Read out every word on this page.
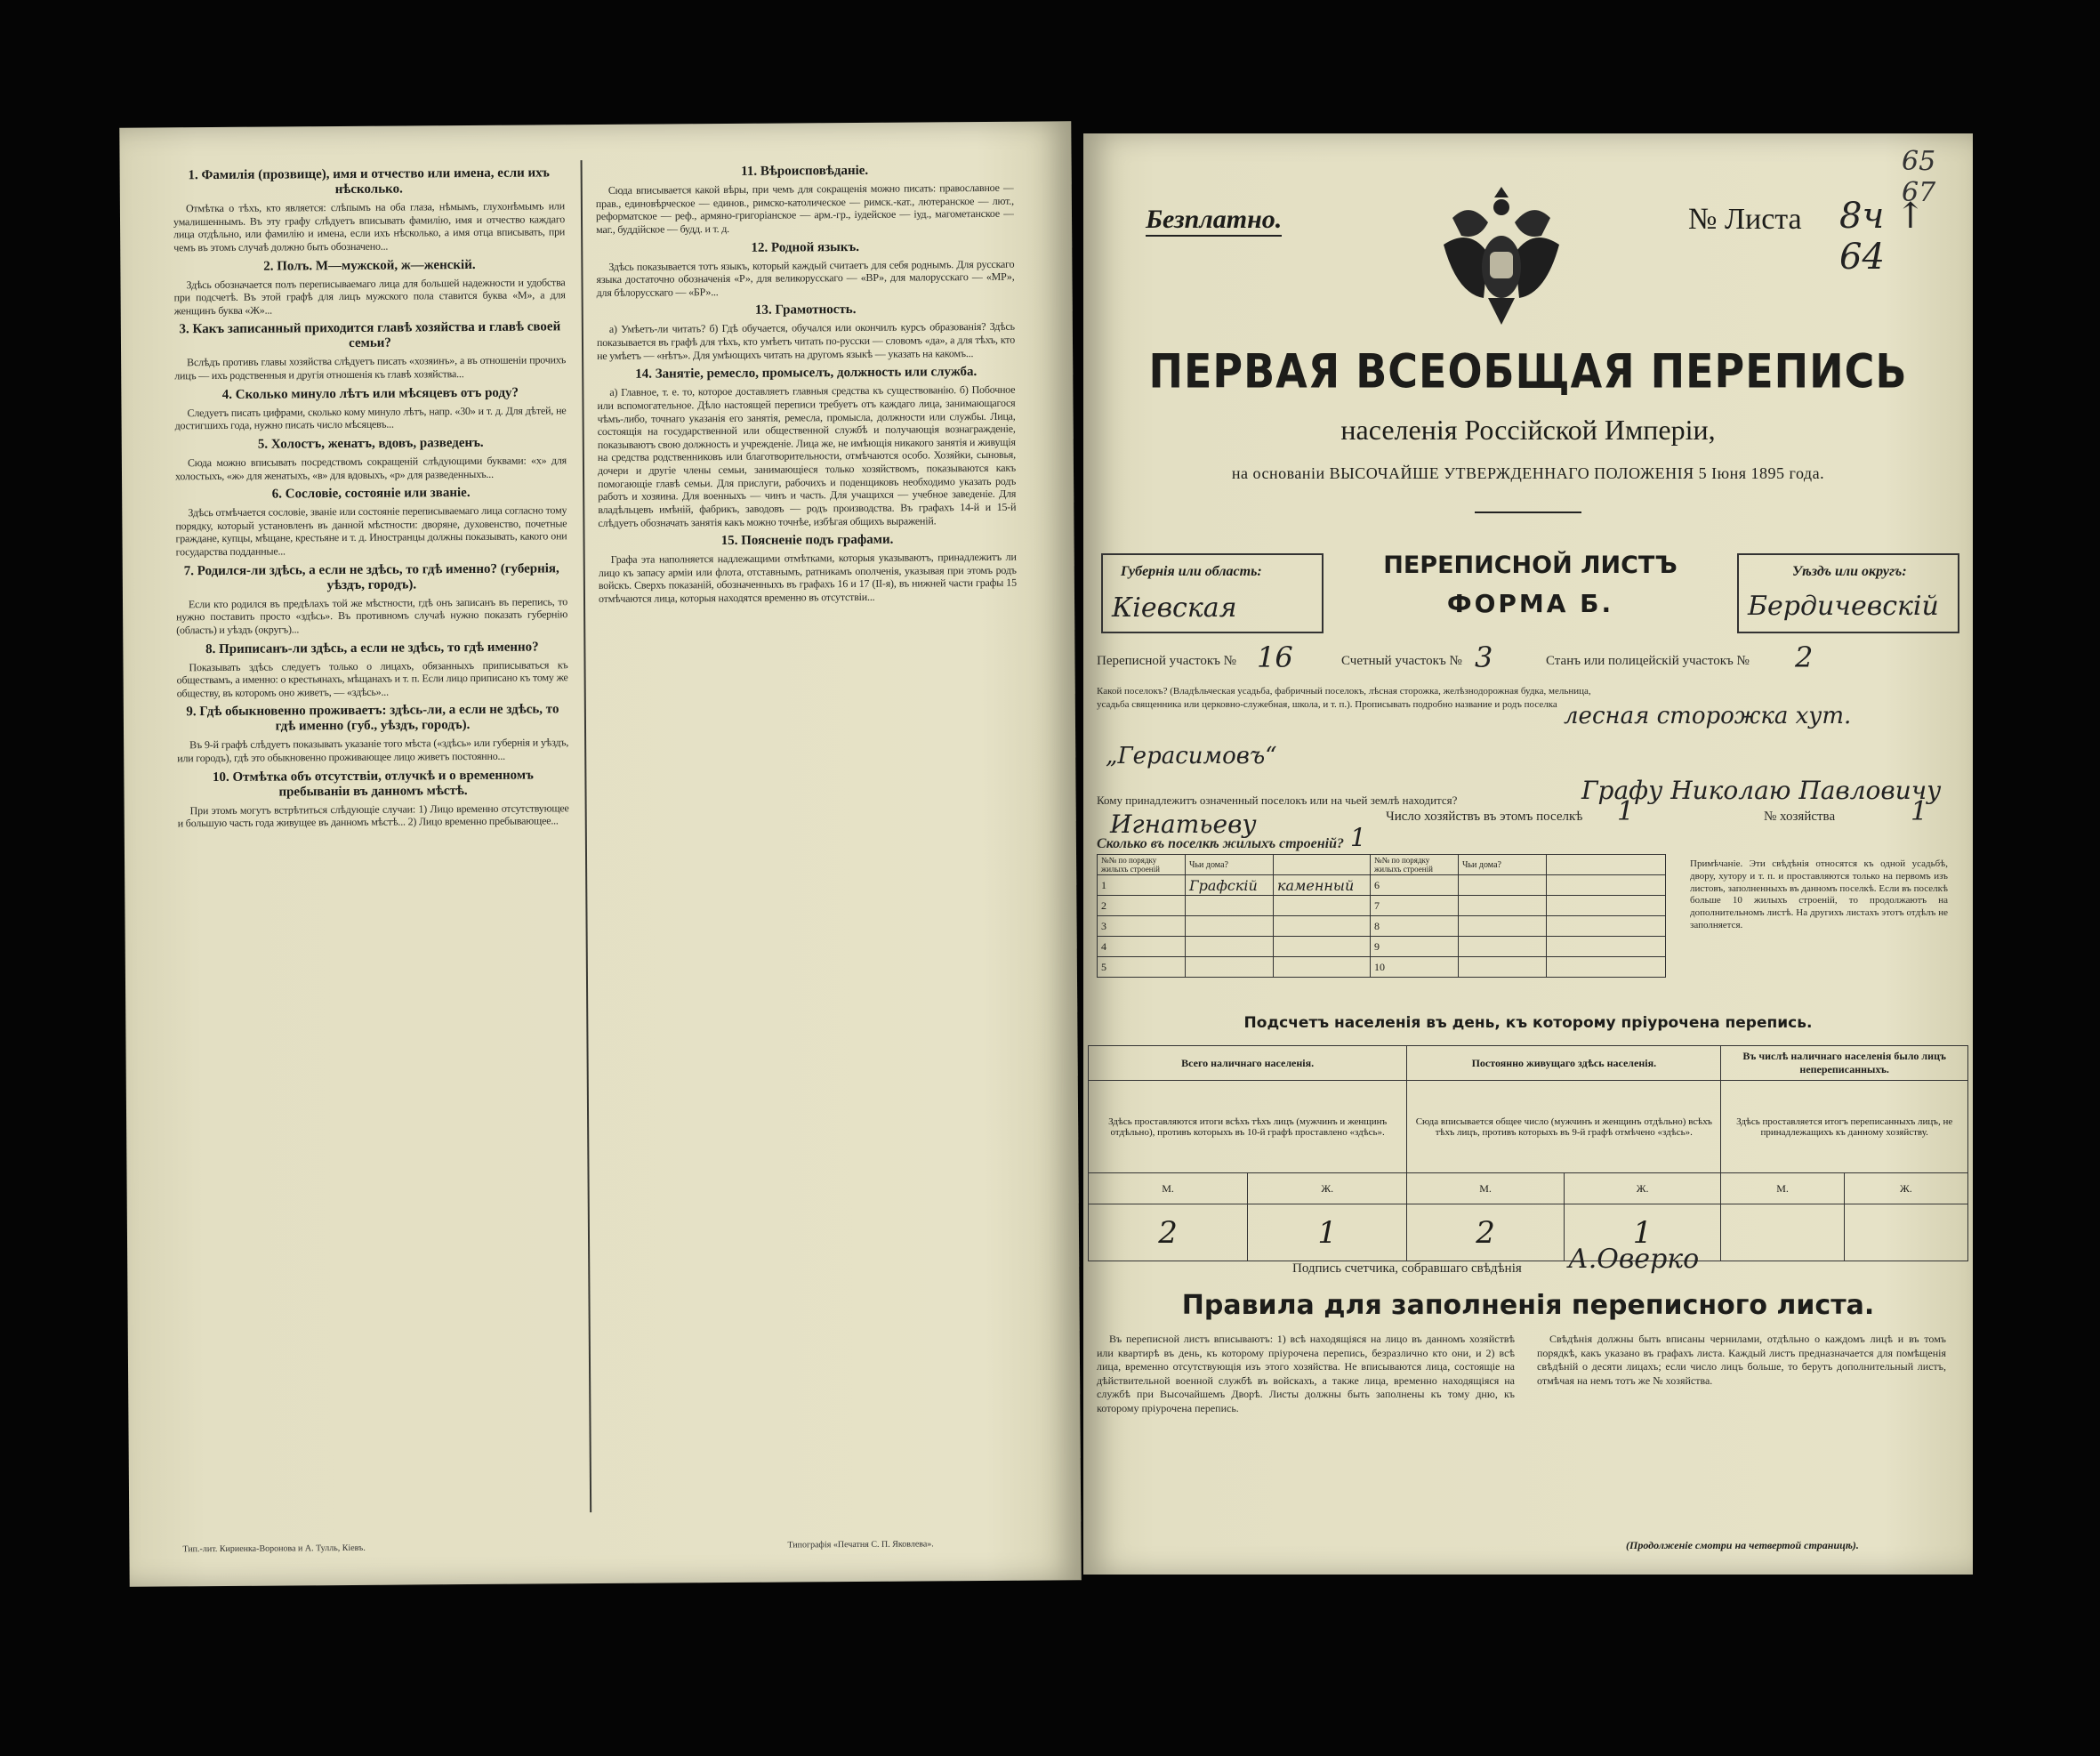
1. Фамилія (прозвище), имя и отчество или имена, если ихъ нѣсколько.

Отмѣтка о тѣхъ, кто является: слѣпымъ на оба глаза, нѣмымъ, глухонѣмымъ или умалишеннымъ. Въ эту графу слѣдуетъ вписывать фамилію, имя и отчество каждаго лица отдѣльно, или фамилію и имена, если ихъ нѣсколько, а имя отца вписывать, при чемъ въ этомъ случаѣ должно быть обозначено...

2. Полъ. М—мужской, ж—женскій.

Здѣсь обозначается полъ переписываемаго лица для большей надежности и удобства при подсчетѣ. Въ этой графѣ для лицъ мужского пола ставится буква «М», а для женщинъ буква «Ж»...

3. Какъ записанный приходится главѣ хозяйства и главѣ своей семьи?

Вслѣдъ противъ главы хозяйства слѣдуетъ писать «хозяинъ», а въ отношеніи прочихъ лицъ — ихъ родственныя и другія отношенія къ главѣ хозяйства...

4. Сколько минуло лѣтъ или мѣсяцевъ отъ роду?

Следуетъ писать цифрами, сколько кому минуло лѣтъ, напр. «30» и т. д. Для дѣтей, не достигшихъ года, нужно писать число мѣсяцевъ...

5. Холостъ, женатъ, вдовъ, разведенъ.

Сюда можно вписывать посредствомъ сокращеній слѣдующими буквами: «х» для холостыхъ, «ж» для женатыхъ, «в» для вдовыхъ, «р» для разведенныхъ...

6. Сословіе, состояніе или званіе.

Здѣсь отмѣчается сословіе, званіе или состояніе переписываемаго лица согласно тому порядку, который установленъ въ данной мѣстности: дворяне, духовенство, почетные граждане, купцы, мѣщане, крестьяне и т. д. Иностранцы должны показывать, какого они государства подданные...

7. Родился-ли здѣсь, а если не здѣсь, то гдѣ именно? (губернія, уѣздъ, городъ).

Если кто родился въ предѣлахъ той же мѣстности, гдѣ онъ записанъ въ перепись, то нужно поставить просто «здѣсь». Въ противномъ случаѣ нужно показать губернію (область) и уѣздъ (округъ)...

8. Приписанъ-ли здѣсь, а если не здѣсь, то гдѣ именно?

Показывать здѣсь следуетъ только о лицахъ, обязанныхъ приписываться къ обществамъ, а именно: о крестьянахъ, мѣщанахъ и т. п. Если лицо приписано къ тому же обществу, въ которомъ оно живетъ, — «здѣсь»...

9. Гдѣ обыкновенно проживаетъ: здѣсь-ли, а если не здѣсь, то гдѣ именно (губ., уѣздъ, городъ).

Въ 9-й графѣ слѣдуетъ показывать указаніе того мѣста («здѣсь» или губернія и уѣздъ, или городъ), гдѣ это обыкновенно проживающее лицо живетъ постоянно...

10. Отмѣтка объ отсутствіи, отлучкѣ и о временномъ пребываніи въ данномъ мѣстѣ.

При этомъ могутъ встрѣтиться слѣдующіе случаи: 1) Лицо временно отсутствующее и большую часть года живущее въ данномъ мѣстѣ... 2) Лицо временно пребывающее...

11. Вѣроисповѣданіе.

Сюда вписывается какой вѣры, при чемъ для сокращенія можно писать: православное — прав., единовѣрческое — единов., римско-католическое — римск.-кат., лютеранское — лют., реформатское — реф., армяно-григоріанское — арм.-гр., іудейское — іуд., магометанское — маг., буддійское — будд. и т. д.

12. Родной языкъ.

Здѣсь показывается тотъ языкъ, который каждый считаетъ для себя роднымъ. Для русскаго языка достаточно обозначенія «Р», для великорусскаго — «ВР», для малорусскаго — «МР», для бѣлорусскаго — «БР»...

13. Грамотность.

а) Умѣетъ-ли читать? б) Гдѣ обучается, обучался или окончилъ курсъ образованія? Здѣсь показывается въ графѣ для тѣхъ, кто умѣетъ читать по-русски — словомъ «да», а для тѣхъ, кто не умѣетъ — «нѣтъ». Для умѣющихъ читать на другомъ языкѣ — указать на какомъ...

14. Занятіе, ремесло, промыселъ, должность или служба.

а) Главное, т. е. то, которое доставляетъ главныя средства къ существованію. б) Побочное или вспомогательное. Дѣло настоящей переписи требуетъ отъ каждаго лица, занимающагося чѣмъ-либо, точнаго указанія его занятія, ремесла, промысла, должности или службы. Лица, состоящія на государственной или общественной службѣ и получающія вознагражденіе, показываютъ свою должность и учрежденіе. Лица же, не имѣющія никакого занятія и живущія на средства родственниковъ или благотворительности, отмѣчаются особо. Хозяйки, сыновья, дочери и другіе члены семьи, занимающіеся только хозяйствомъ, показываются какъ помогающіе главѣ семьи. Для прислуги, рабочихъ и поденщиковъ необходимо указать родъ работъ и хозяина. Для военныхъ — чинъ и часть. Для учащихся — учебное заведеніе. Для владѣльцевъ имѣній, фабрикъ, заводовъ — родъ производства. Въ графахъ 14-й и 15-й слѣдуетъ обозначать занятія какъ можно точнѣе, избѣгая общихъ выраженій.

15. Поясненіе подъ графами.

Графа эта наполняется надлежащими отмѣтками, которыя указываютъ, принадлежитъ ли лицо къ запасу арміи или флота, отставнымъ, ратникамъ ополченія, указывая при этомъ родъ войскъ. Сверхъ показаній, обозначенныхъ въ графахъ 16 и 17 (II-я), въ нижней части графы 15 отмѣчаются лица, которыя находятся временно въ отсутствіи...

Тип.-лит. Кириенка-Воронова и А. Тулль, Кіевъ.	Типографія «Печатня С. П. Яковлева».
65 67
Безплатно.	№ Листа 8ч ↑ 64
ПЕРВАЯ ВСЕОБЩАЯ ПЕРЕПИСЬ
населенія Россійской Имперіи,
на основаніи ВЫСОЧАЙШЕ УТВЕРЖДЕННАГО ПОЛОЖЕНІЯ 5 Іюня 1895 года.
Губернія или область:
Кіевская
ПЕРЕПИСНОЙ ЛИСТЪ
ФОРМА Б.
Уѣздъ или округъ:
Бердичевскій
Переписной участокъ № 16	Счетный участокъ № 3	Станъ или полицейскій участокъ № 2
Какой поселокъ? (Владѣльческая усадьба, фабричный поселокъ, лѣсная сторожка, желѣзнодорожная будка, мельница, усадьба священника или церковно-служебная, школа, и т. п.). Прописывать подробно название и родъ поселка лесная сторожка хут.
„Герасимовъ“
Кому принадлежитъ означенный поселокъ или на чьей землѣ находится?	Графу Николаю Павловичу
Игнатьеву	Число хозяйствъ въ этомъ поселкѣ 1	№ хозяйства	1
Сколько въ поселкѣ жилыхъ строеній? 1
№№ по порядку жилыхъ строеній	Чьи дома?		№№ по порядку жилыхъ строеній	Чьи дома?	
1	Графскій	каменный	6		
2			7		
3			8		
4			9		
5			10		
Примѣчаніе. Эти свѣдѣнія относятся къ одной усадьбѣ, двору, хутору и т. п. и проставляются только на первомъ изъ листовъ, заполненныхъ въ данномъ поселкѣ. Если въ поселкѣ больше 10 жилыхъ строеній, то продолжаютъ на дополнительномъ листѣ. На другихъ листахъ этотъ отдѣлъ не заполняется.
Подсчетъ населенія въ день, къ которому пріурочена перепись.
Всего наличнаго населенія.		Постоянно живущаго здѣсь населенія.		Въ числѣ наличнаго населенія было лицъ непереписанныхъ.	
Здѣсь проставляются итоги всѣхъ тѣхъ лицъ (мужчинъ и женщинъ отдѣльно), противъ которыхъ въ 10-й графѣ проставлено «здѣсь».		Сюда вписывается общее число (мужчинъ и женщинъ отдѣльно) всѣхъ тѣхъ лицъ, противъ которыхъ въ 9-й графѣ отмѣчено «здѣсь».		Здѣсь проставляется итогъ переписанныхъ лицъ, не принадлежащихъ къ данному хозяйству.	
М.	Ж.	М.	Ж.	М.	Ж.
2	1	2	1		
Подпись счетчика, собравшаго свѣдѣнія А.Оверко
Правила для заполненія переписного листа.
Въ переписной листъ вписываютъ: 1) всѣ находящіяся на лицо въ данномъ хозяйствѣ или квартирѣ въ день, къ которому пріурочена перепись, безразлично кто они, и 2) всѣ лица, временно отсутствующія изъ этого хозяйства. Не вписываются лица, состоящіе на дѣйствительной военной службѣ въ войскахъ, а также лица, временно находящіяся на службѣ при Высочайшемъ Дворѣ. Листы должны быть заполнены къ тому дню, къ которому пріурочена перепись.
Свѣдѣнія должны быть вписаны чернилами, отдѣльно о каждомъ лицѣ и въ томъ порядкѣ, какъ указано въ графахъ листа. Каждый листъ предназначается для помѣщенія свѣдѣній о десяти лицахъ; если число лицъ больше, то берутъ дополнительный листъ, отмѣчая на немъ тотъ же № хозяйства.
(Продолженіе смотри на четвертой страницѣ).
